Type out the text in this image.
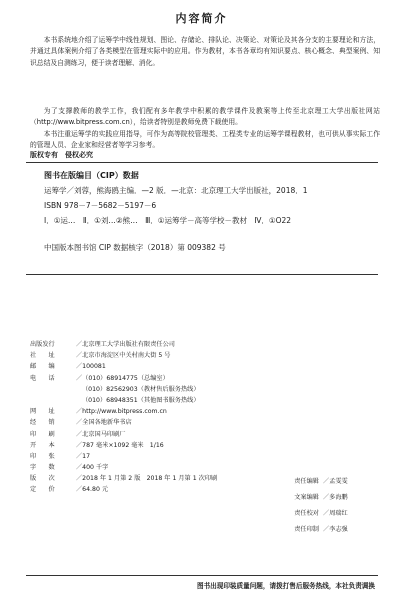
内容简介
本书系统地介绍了运筹学中线性规划、图论、存储论、排队论、决策论、对策论及其各分支的主要理论和方法，并通过具体案例介绍了各类模型在管理实际中的应用。作为教材，本书各章均有知识要点、核心概念、典型案例、知识总结及自测练习，便于读者理解、消化。
为了支撑教师的教学工作，我们配有多年教学中积累的教学课件及教案等上传至北京理工大学出版社网站（http://www.bitpress.com.cn），给读者特别是教师免费下载使用。
本书注重运筹学的实践应用指导，可作为高等院校管理类、工程类专业的运筹学课程教材，也可供从事实际工作的管理人员、企业家和经营者等学习参考。
版权专有　侵权必究
图书在版编目（CIP）数据
运筹学／刘蓉，熊海鸥主编．—2 版．—北京：北京理工大学出版社，2018．1
ISBN 978－7－5682－5197－6
Ⅰ．①运…　Ⅱ．①刘…②熊…　Ⅲ．①运筹学－高等学校－教材　Ⅳ．①O22
中国版本图书馆 CIP 数据核字（2018）第 009382 号
出版发行	／北京理工大学出版社有限责任公司
社　　址	／北京市海淀区中关村南大街 5 号
邮　　编	／100081
电　　话	／（010）68914775（总编室）
（010）82562903（教材售后服务热线）
（010）68948351（其他图书服务热线）
网　　址	／http://www.bitpress.com.cn
经　　销	／全国各地新华书店
印　　刷	／北京国马印刷厂
开　　本	／787 毫米×1092 毫米　1/16
印　　张	／17
字　　数	／400 千字
版　　次	／2018 年 1 月第 2 版　2018 年 1 月第 1 次印刷
定　　价	／64.80 元
责任编辑 ／孟雯雯
文案编辑 ／多海鹏
责任校对 ／周瑞红
责任印制 ／李志强
图书出现印装质量问题，请拨打售后服务热线，本社负责调换
